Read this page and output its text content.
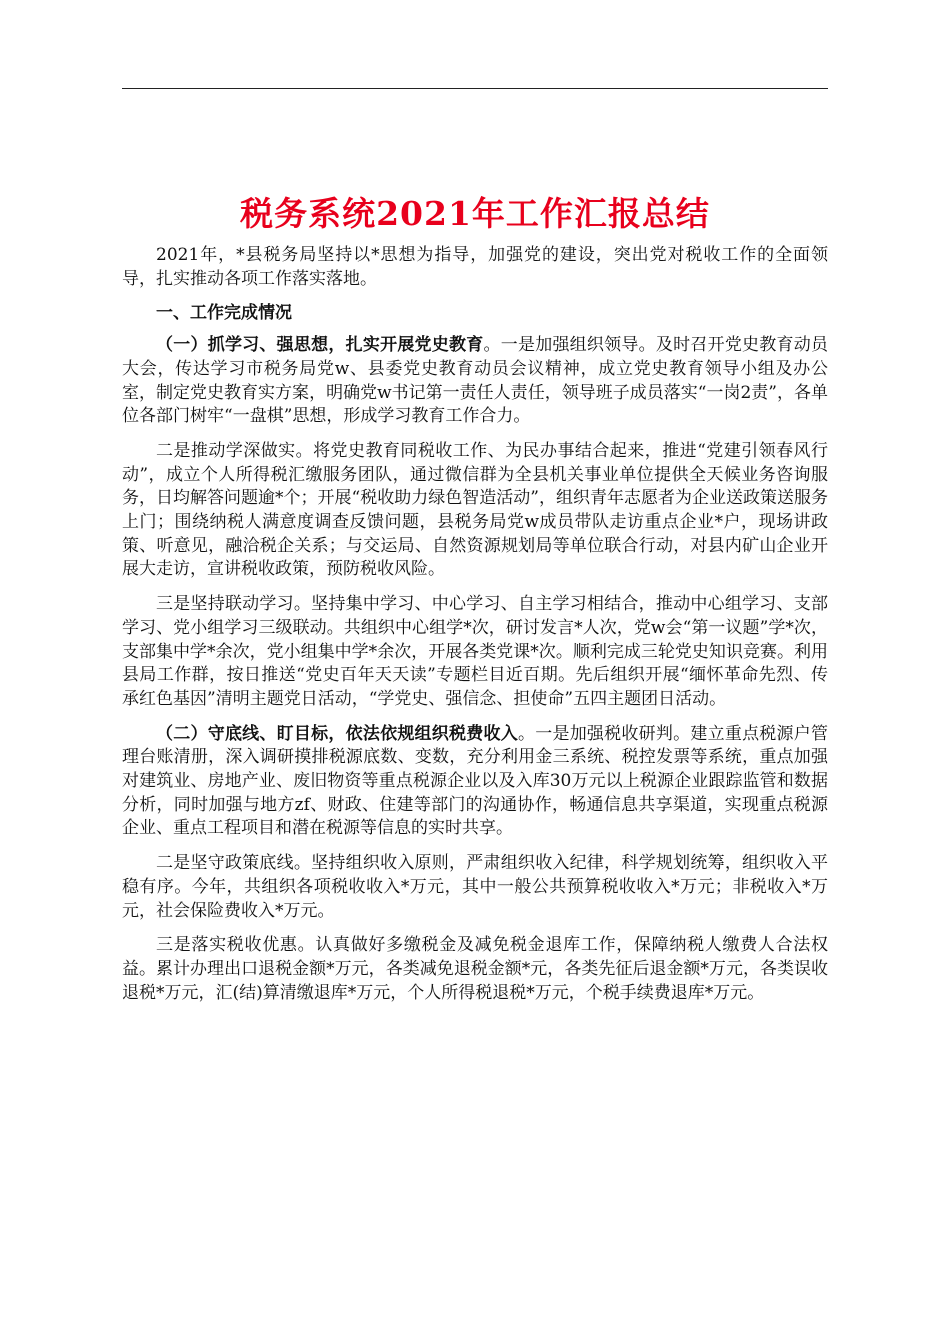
税务系统2021年工作汇报总结

2021年，*县税务局坚持以*思想为指导，加强党的建设，突出党对税收工作的全面领导，扎实推动各项工作落实落地。

一、工作完成情况

（一）抓学习、强思想，扎实开展党史教育。一是加强组织领导。及时召开党史教育动员大会，传达学习市税务局党w、县委党史教育动员会议精神，成立党史教育领导小组及办公室，制定党史教育实方案，明确党w书记第一责任人责任，领导班子成员落实“一岗2责”，各单位各部门树牢“一盘棋”思想，形成学习教育工作合力。

二是推动学深做实。将党史教育同税收工作、为民办事结合起来，推进“党建引领春风行动”，成立个人所得税汇缴服务团队，通过微信群为全县机关事业单位提供全天候业务咨询服务，日均解答问题逾*个；开展“税收助力绿色智造活动”，组织青年志愿者为企业送政策送服务上门；围绕纳税人满意度调查反馈问题，县税务局党w成员带队走访重点企业*户，现场讲政策、听意见，融洽税企关系；与交运局、自然资源规划局等单位联合行动，对县内矿山企业开展大走访，宣讲税收政策，预防税收风险。

三是坚持联动学习。坚持集中学习、中心学习、自主学习相结合，推动中心组学习、支部学习、党小组学习三级联动。共组织中心组学*次，研讨发言*人次，党w会“第一议题”学*次，支部集中学*余次，党小组集中学*余次，开展各类党课*次。顺利完成三轮党史知识竞赛。利用县局工作群，按日推送“党史百年天天读”专题栏目近百期。先后组织开展“缅怀革命先烈、传承红色基因”清明主题党日活动，“学党史、强信念、担使命”五四主题团日活动。

（二）守底线、盯目标，依法依规组织税费收入。一是加强税收研判。建立重点税源户管理台账清册，深入调研摸排税源底数、变数，充分利用金三系统、税控发票等系统，重点加强对建筑业、房地产业、废旧物资等重点税源企业以及入库30万元以上税源企业跟踪监管和数据分析，同时加强与地方zf、财政、住建等部门的沟通协作，畅通信息共享渠道，实现重点税源企业、重点工程项目和潜在税源等信息的实时共享。

二是坚守政策底线。坚持组织收入原则，严肃组织收入纪律，科学规划统筹，组织收入平稳有序。今年，共组织各项税收收入*万元，其中一般公共预算税收收入*万元；非税收入*万元，社会保险费收入*万元。

三是落实税收优惠。认真做好多缴税金及减免税金退库工作，保障纳税人缴费人合法权益。累计办理出口退税金额*万元，各类减免退税金额*元，各类先征后退金额*万元，各类误收退税*万元，汇(结)算清缴退库*万元，个人所得税退税*万元，个税手续费退库*万元。
